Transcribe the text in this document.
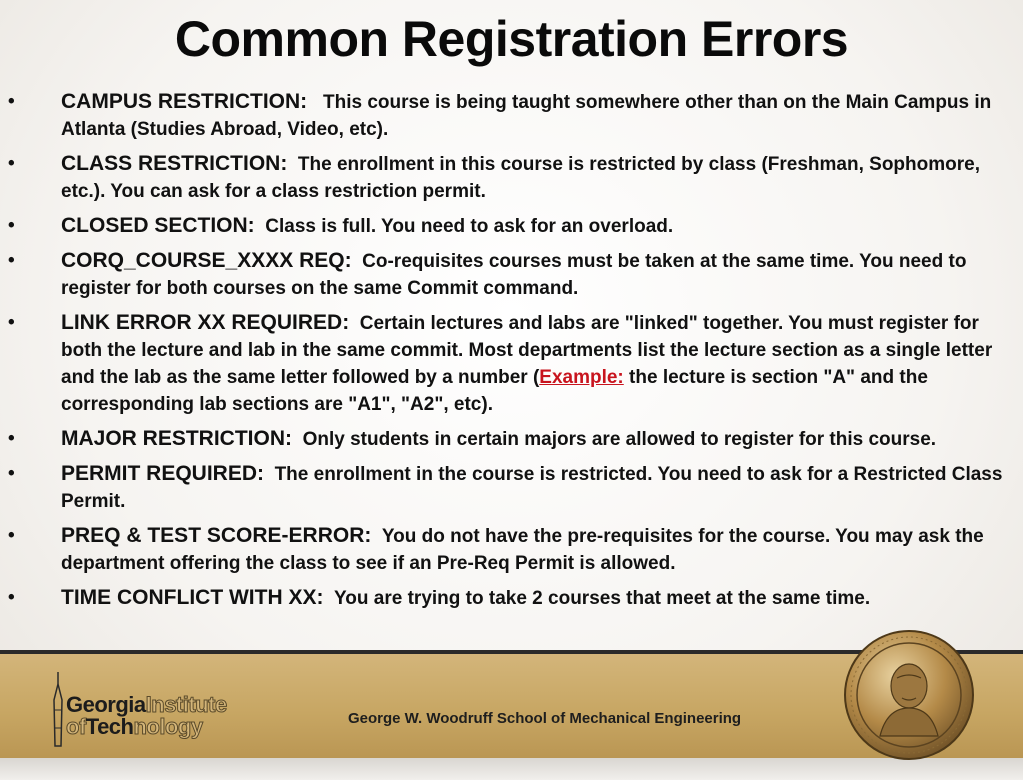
Common Registration Errors
• CAMPUS RESTRICTION: This course is being taught somewhere other than on the Main Campus in Atlanta (Studies Abroad, Video, etc).
• CLASS RESTRICTION: The enrollment in this course is restricted by class (Freshman, Sophomore, etc.). You can ask for a class restriction permit.
• CLOSED SECTION: Class is full. You need to ask for an overload.
• CORQ_COURSE_XXXX REQ: Co-requisites courses must be taken at the same time. You need to register for both courses on the same Commit command.
• LINK ERROR XX REQUIRED: Certain lectures and labs are "linked" together. You must register for both the lecture and lab in the same commit. Most departments list the lecture section as a single letter and the lab as the same letter followed by a number (Example: the lecture is section "A" and the corresponding lab sections are "A1", "A2", etc).
• MAJOR RESTRICTION: Only students in certain majors are allowed to register for this course.
• PERMIT REQUIRED: The enrollment in the course is restricted. You need to ask for a Restricted Class Permit.
• PREQ & TEST SCORE-ERROR: You do not have the pre-requisites for the course. You may ask the department offering the class to see if an Pre-Req Permit is allowed.
• TIME CONFLICT WITH XX: You are trying to take 2 courses that meet at the same time.
GeorgiaInstitute
ofTechnology	George W. Woodruff School of Mechanical Engineering
